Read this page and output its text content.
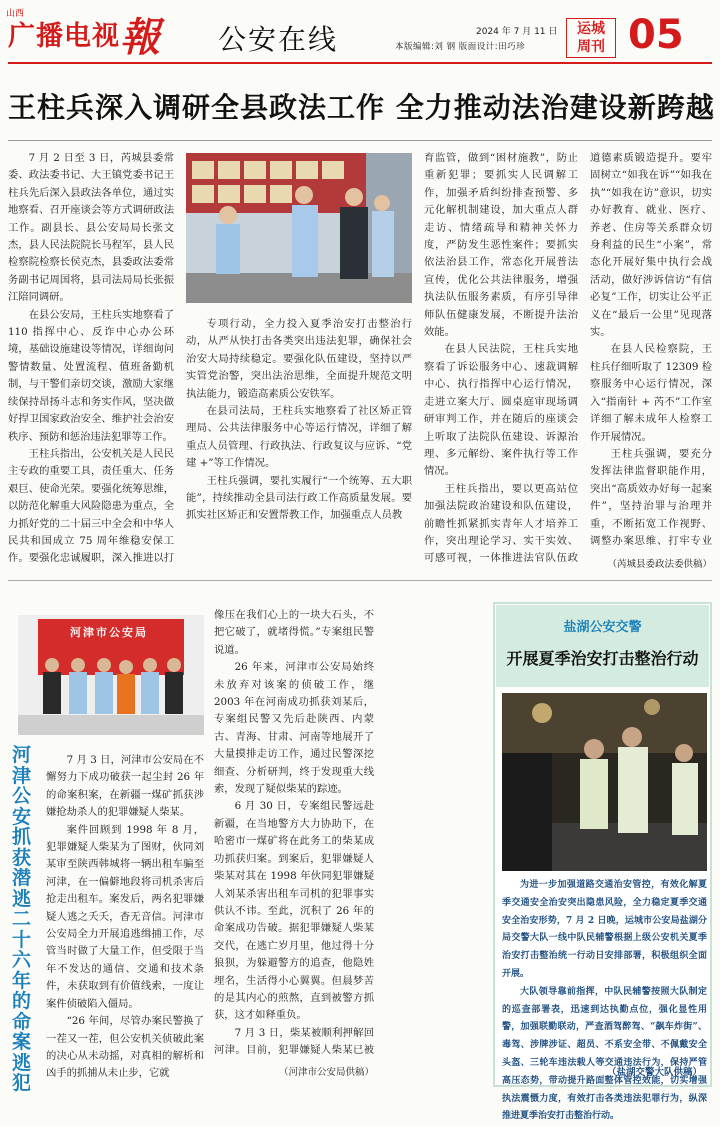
山西
广播电视 報 公安在线	2024 年 7 月 11 日
本版编辑:刘 钢 版面设计:田巧珍
运城
周刊 05
王柱兵深入调研全县政法工作 全力推动法治建设新跨越

7 月 2 日至 3 日，芮城县委常委、政法委书记、大王镇党委书记王柱兵先后深入县政法各单位，通过实地察看、召开座谈会等方式调研政法工作。副县长、县公安局局长张文杰，县人民法院院长马程军，县人民检察院检察长侯克杰，县委政法委常务副书记周国将，县司法局局长张振江陪同调研。

在县公安局，王柱兵实地察看了 110 指挥中心、反诈中心办公环境，基础设施建设等情况，详细询问警情数量、处置流程、值班备勤机制，与干警们亲切交谈，激励大家继续保持昂扬斗志和务实作风，坚决做好捍卫国家政治安全、维护社会治安秩序、预防和惩治违法犯罪等工作。

王柱兵指出，公安机关是人民民主专政的重要工具，责任重大、任务艰巨、使命光荣。要强化统筹思维，以防范化解重大风险隐患为重点，全力抓好党的二十届三中全会和中华人民共和国成立 75 周年维稳安保工作。要强化忠诚履职，深入推进以打

专项行动，全力投入夏季治安打击整治行动，从严从快打击各类突出违法犯罪，确保社会治安大局持续稳定。要强化队伍建设，坚持以严实管党治警，突出法治思维，全面提升规范文明执法能力，锻造高素质公安铁军。

在县司法局，王柱兵实地察看了社区矫正管理局、公共法律服务中心等运行情况，详细了解重点人员管理、行政执法、行政复议与应诉、“党建 +”等工作情况。

王柱兵强调，要扎实履行“一个统筹、五大职能”，持续推动全县司法行政工作高质量发展。要抓实社区矫正和安置帮教工作，加强重点人员教

育监管，做到“困材施教”，防止重新犯罪；要抓实人民调解工作，加强矛盾纠纷排查预警、多元化解机制建设，加大重点人群走访、情绪疏导和精神关怀力度，严防发生恶性案件；要抓实依法治县工作，常态化开展普法宣传，优化公共法律服务，增强执法队伍服务素质，有序引导律师队伍健康发展，不断提升法治效能。

在县人民法院，王柱兵实地察看了诉讼服务中心、速裁调解中心、执行指挥中心运行情况，走进立案大厅、圆桌庭审现场调研审判工作，并在随后的座谈会上听取了法院队伍建设、诉源治理、多元解纷、案件执行等工作情况。

王柱兵指出，要以更高站位加强法院政治建设和队伍建设，前瞻性抓紧抓实青年人才培养工作，突出理论学习、实干实效、可感可视，一体推进法官队伍政

道德素质锻造提升。要牢固树立“如我在诉”“如我在执”“如我在访”意识，切实办好教育、就业、医疗、养老、住房等关系群众切身利益的民生“小案”，常态化开展好集中执行会战活动，做好涉诉信访“有信必复”工作，切实让公平正义在“最后一公里”见现落实。

在县人民检察院，王柱兵仔细听取了 12309 检察服务中心运行情况，深入“指南针 + 芮不”工作室详细了解未成年人检察工作开展情况。

王柱兵强调，要充分发挥法律监督职能作用，突出“高质效办好每一起案件”，坚持治罪与治理并重，不断拓宽工作视野、调整办案思维、打牢专业

（芮城县委政法委供稿）
河津市公安局
河津公安抓获潜逃二十六年的命案逃犯

7 月 3 日，河津市公安局在不懈努力下成功破获一起尘封 26 年的命案积案，在新疆一煤矿抓获涉嫌抢劫杀人的犯罪嫌疑人柴某。

案件回顾到 1998 年 8 月，犯罪嫌疑人柴某为了图财，伙同刘某审至陕西韩城将一辆出租车骗至河津，在一偏僻地段将司机杀害后抢走出租车。案发后，两名犯罪嫌疑人逃之夭夭，杳无音信。河津市公安局全力开展追逃缉捕工作，尽管当时做了大量工作，但受限于当年不发达的通信、交通和技术条件，未获取到有价值线索，一度让案件侦破陷入僵局。

“26 年间，尽管办案民警换了一茬又一茬，但公安机关侦破此案的决心从未动摇，对真相的解析和凶手的抓捕从未止步，它就

像压在我们心上的一块大石头，不把它破了，就堵得慌。”专案组民警说道。

26 年来，河津市公安局始终未放弃对该案的侦破工作，继 2003 年在河南成功抓获刘某后，专案组民警又先后赴陕西、内蒙古、青海、甘肃、河南等地展开了大量摸排走访工作，通过民警深挖细查、分析研判，终于发现重大线索，发现了疑似柴某的踪迹。

6 月 30 日，专案组民警远赴新疆，在当地警方大力协助下，在哈密市一煤矿将在此务工的柴某成功抓获归案。到案后，犯罪嫌疑人柴某对其在 1998 年伙同犯罪嫌疑人刘某杀害出租车司机的犯罪事实供认不讳。至此，沉积了 26 年的命案成功告破。据犯罪嫌疑人柴某交代，在逃亡岁月里，他过得十分狼狈，为躲避警方的追查，他隐姓埋名，生活得小心翼翼。但晨梦苦的是其内心的煎熬，直到被警方抓获，这才如释重负。

7 月 3 日，柴某被顺利押解回河津。目前，犯罪嫌疑人柴某已被

（河津市公安局供稿）
盐湖公安交警
开展夏季治安打击整治行动

为进一步加强道路交通治安管控，有效化解夏季交通安全治安突出隐患风险，全力稳定夏季交通安全治安形势，7 月 2 日晚，运城市公安局盐湖分局交警大队一线中队民辅警根据上级公安机关夏季治安打击整治统一行动日安排部署，积极组织全面开展。

大队领导靠前指挥，中队民辅警按照大队制定的巡查部署表，迅速到达执勤点位，强化显性用警，加强联勤联动，严查酒驾醉驾、“飙车炸街”、毒驾、涉牌涉证、超员、不系安全带、不佩戴安全头盔、三轮车违法载人等交通违法行为，保持严管高压态势，带动提升路面整体管控效能，切实增强执法震慑力度，有效打击各类违法犯罪行为，纵深推进夏季治安打击整治行动。

（盐湖交警大队供稿）
